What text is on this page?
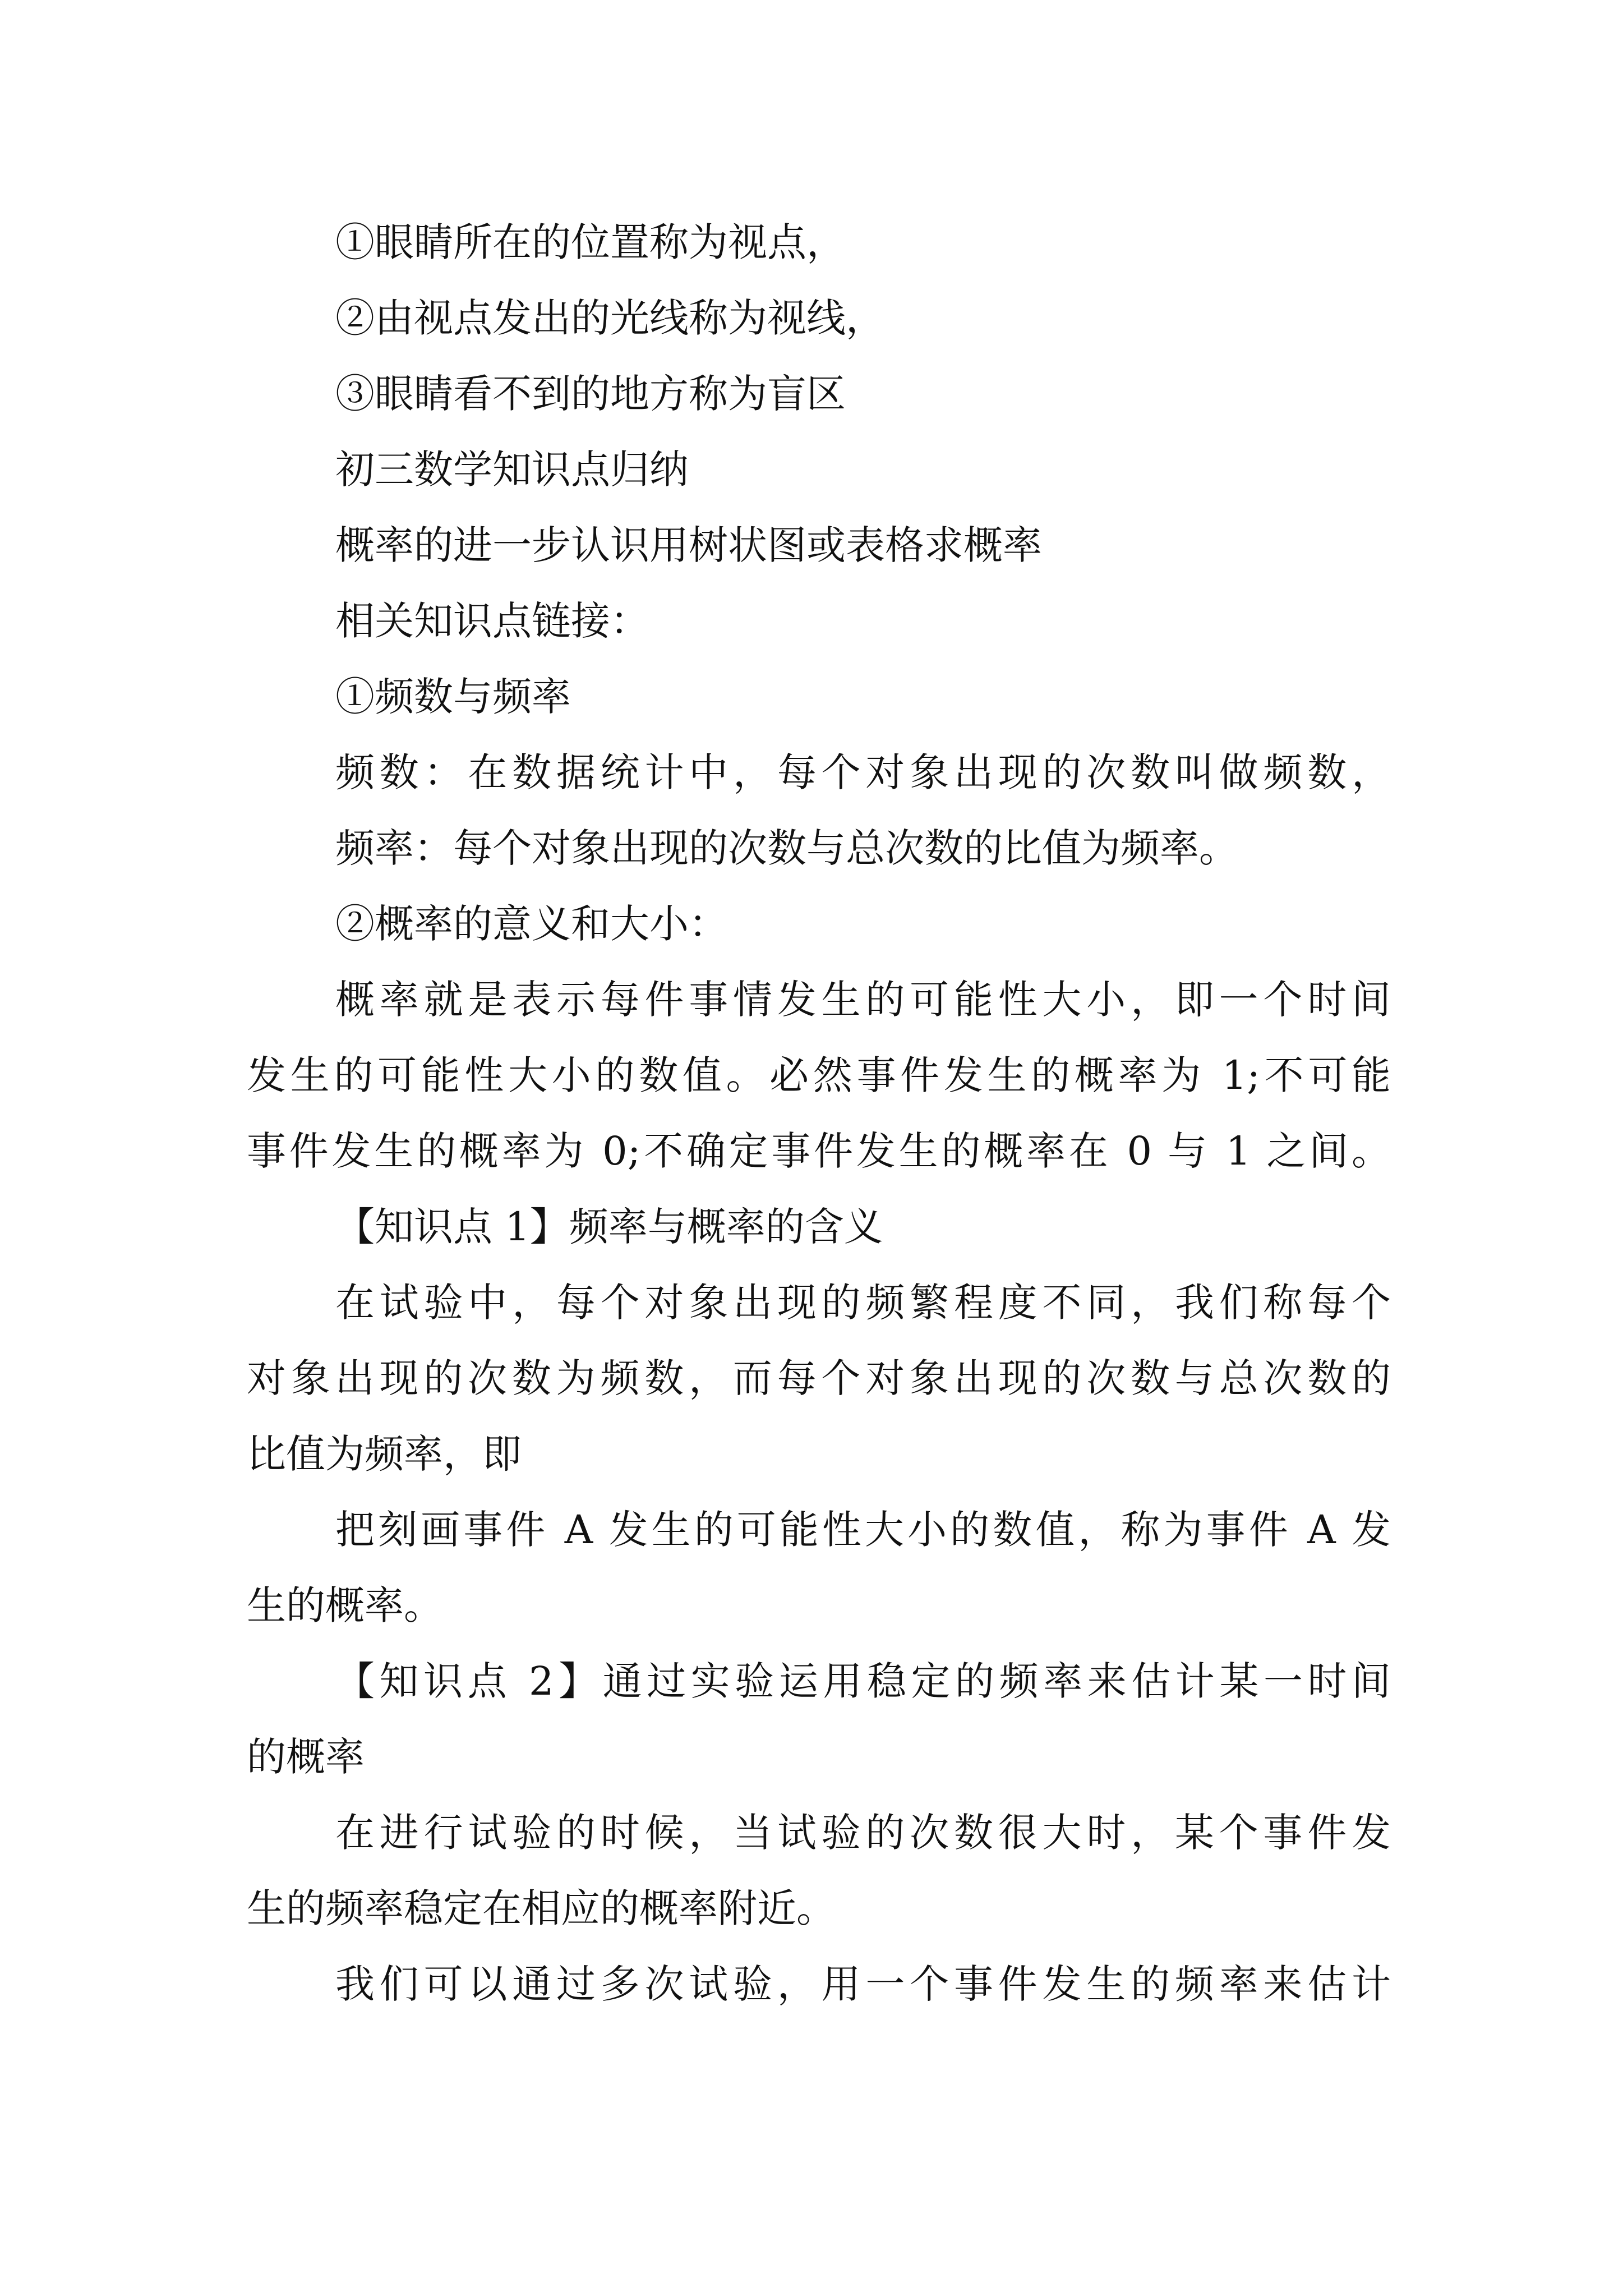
①眼睛所在的位置称为视点，

②由视点发出的光线称为视线，

③眼睛看不到的地方称为盲区

初三数学知识点归纳

概率的进一步认识用树状图或表格求概率

相关知识点链接：

①频数与频率

频数：在数据统计中，每个对象出现的次数叫做频数，

频率：每个对象出现的次数与总次数的比值为频率。

②概率的意义和大小：

概率就是表示每件事情发生的可能性大小，即一个时间

发生的可能性大小的数值。必然事件发生的概率为 1;不可能

事件发生的概率为 0;不确定事件发生的概率在 0 与 1 之间。

【知识点 1】频率与概率的含义

在试验中，每个对象出现的频繁程度不同，我们称每个

对象出现的次数为频数，而每个对象出现的次数与总次数的

比值为频率，即

把刻画事件 A 发生的可能性大小的数值，称为事件 A 发

生的概率。

【知识点 2】通过实验运用稳定的频率来估计某一时间

的概率

在进行试验的时候，当试验的次数很大时，某个事件发

生的频率稳定在相应的概率附近。

我们可以通过多次试验，用一个事件发生的频率来估计
